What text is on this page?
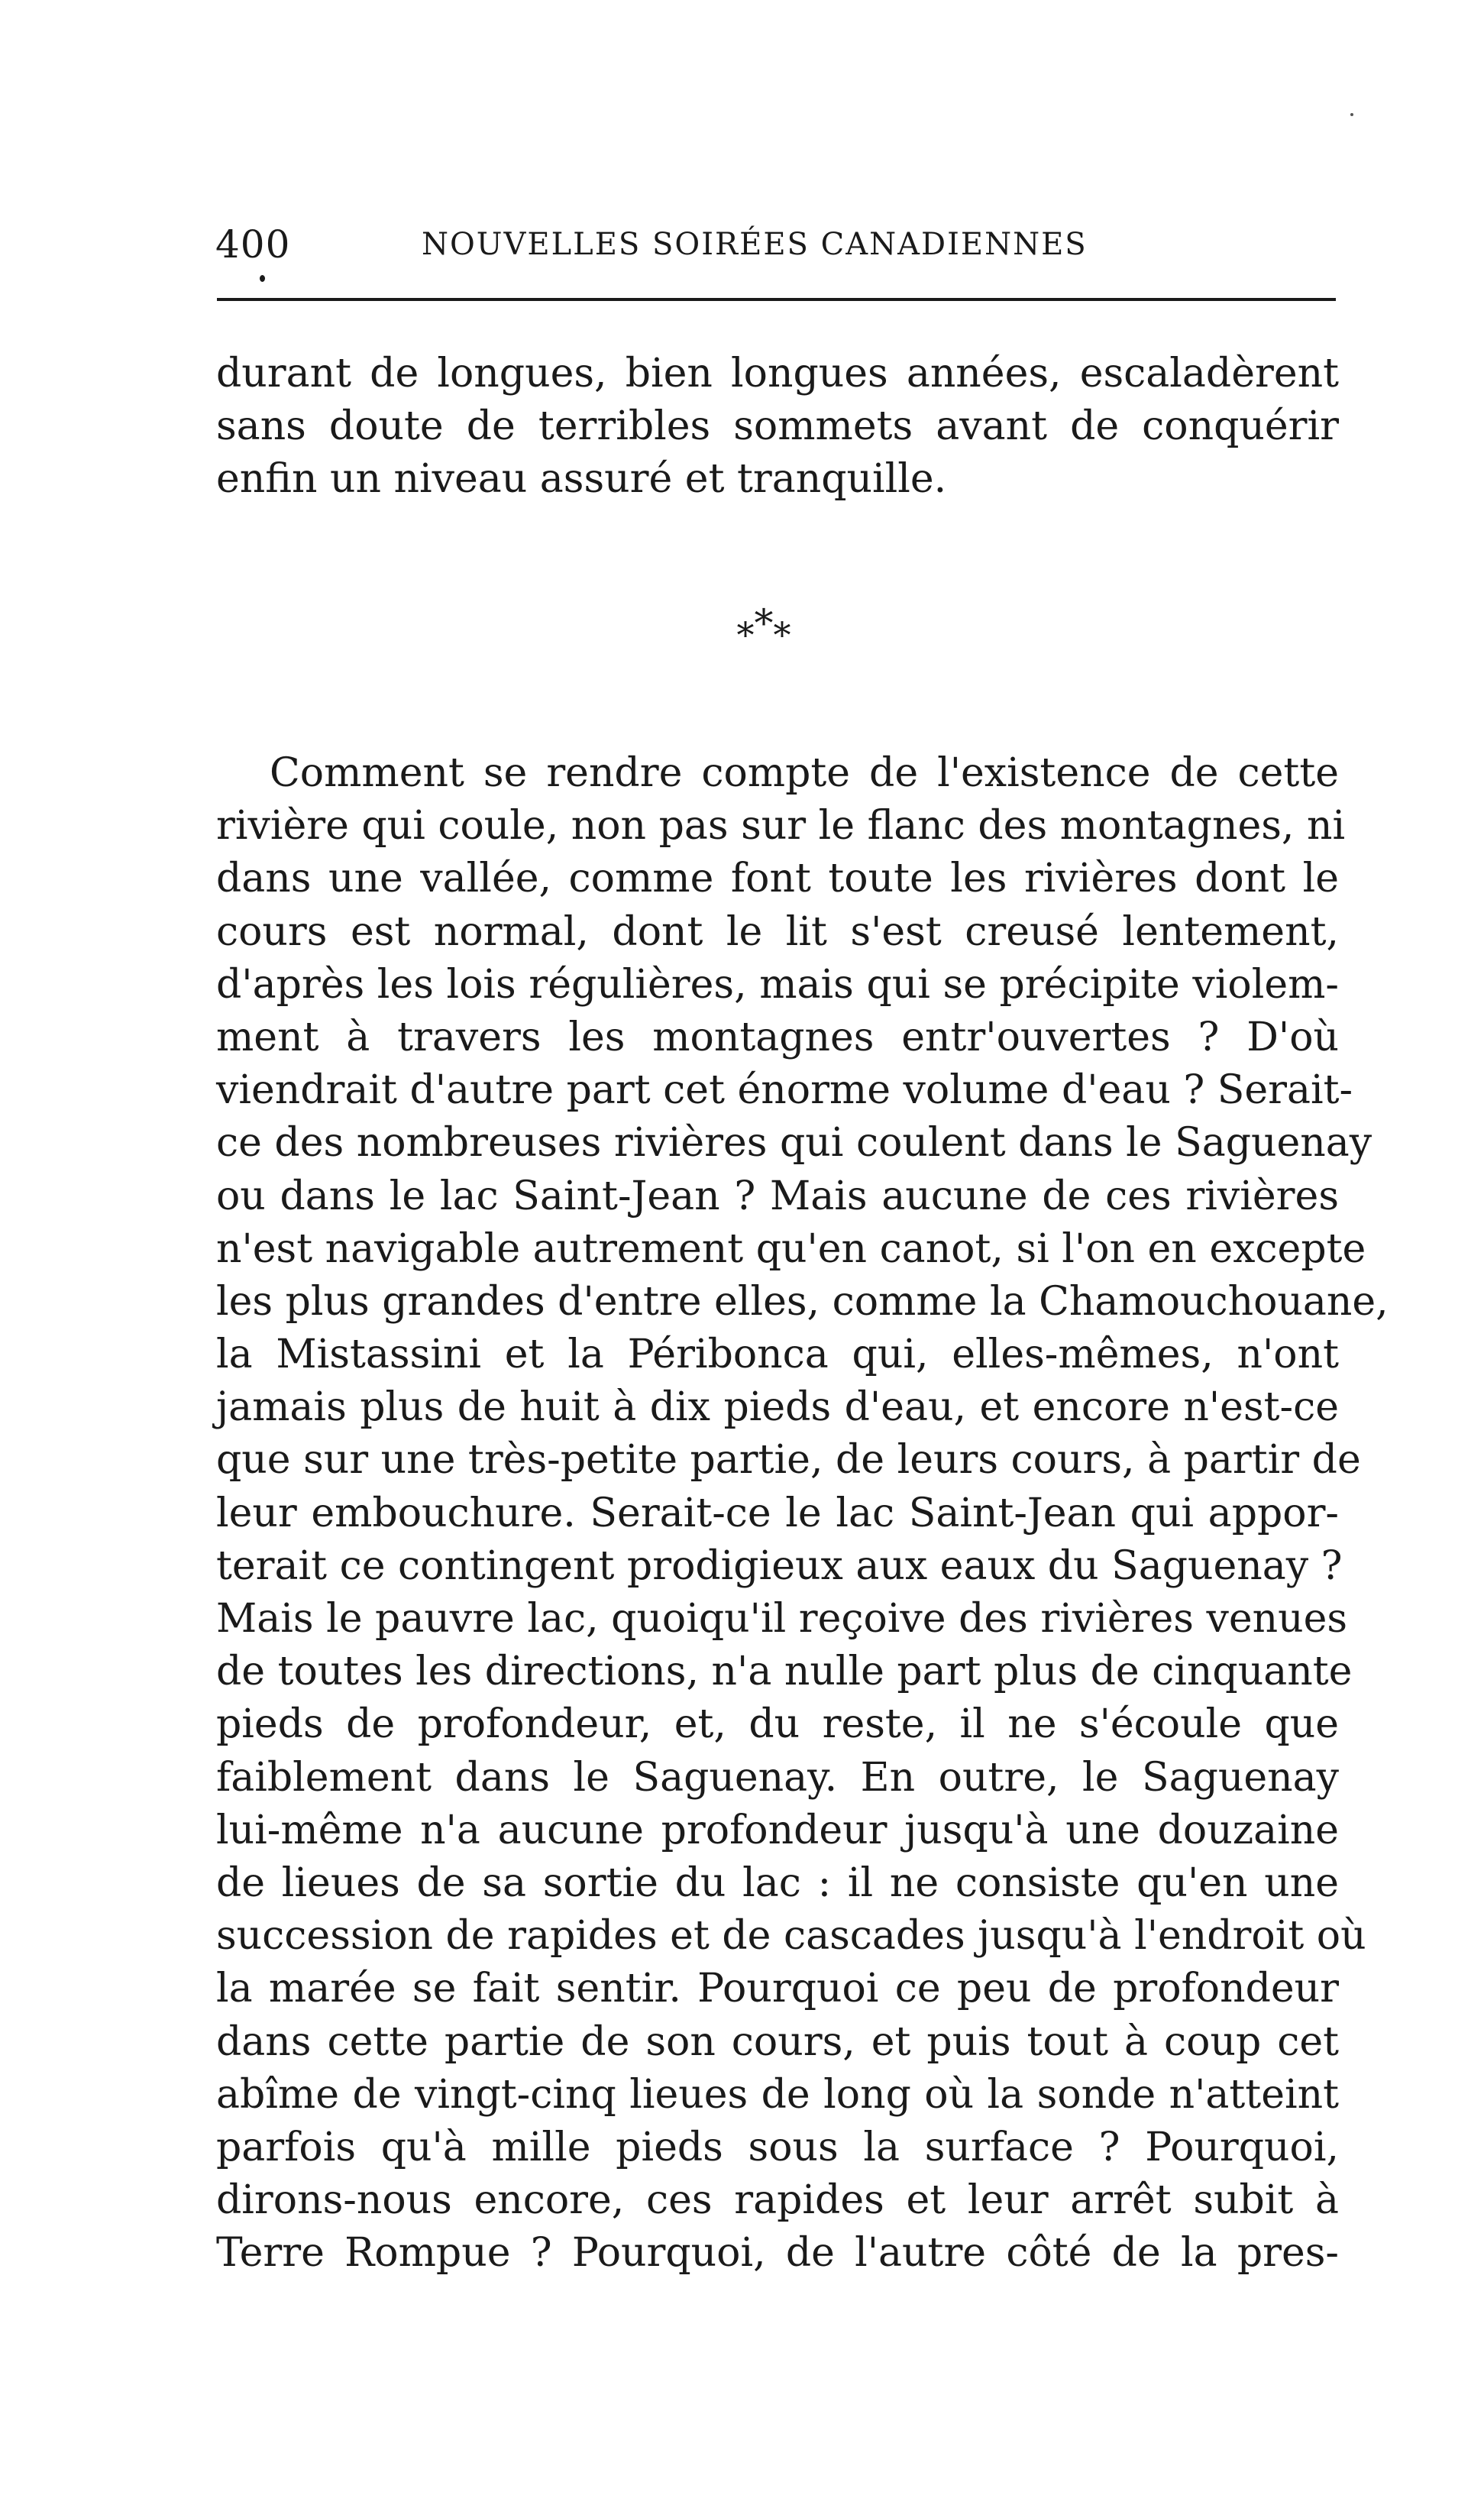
400	NOUVELLES SOIRÉES CANADIENNES
durant de longues, bien longues années, escaladèrent
sans doute de terribles sommets avant de conquérir
enfin un niveau assuré et tranquille.
***
Comment se rendre compte de l'existence de cette
rivière qui coule, non pas sur le flanc des montagnes, ni
dans une vallée, comme font toute les rivières dont le
cours est normal, dont le lit s'est creusé lentement,
d'après les lois régulières, mais qui se précipite violem-
ment à travers les montagnes entr'ouvertes ? D'où
viendrait d'autre part cet énorme volume d'eau ? Serait-
ce des nombreuses rivières qui coulent dans le Saguenay
ou dans le lac Saint-Jean ? Mais aucune de ces rivières
n'est navigable autrement qu'en canot, si l'on en excepte
les plus grandes d'entre elles, comme la Chamouchouane,
la Mistassini et la Péribonca qui, elles-mêmes, n'ont
jamais plus de huit à dix pieds d'eau, et encore n'est-ce
que sur une très-petite partie, de leurs cours, à partir de
leur embouchure. Serait-ce le lac Saint-Jean qui appor-
terait ce contingent prodigieux aux eaux du Saguenay ?
Mais le pauvre lac, quoiqu'il reçoive des rivières venues
de toutes les directions, n'a nulle part plus de cinquante
pieds de profondeur, et, du reste, il ne s'écoule que
faiblement dans le Saguenay. En outre, le Saguenay
lui-même n'a aucune profondeur jusqu'à une douzaine
de lieues de sa sortie du lac : il ne consiste qu'en une
succession de rapides et de cascades jusqu'à l'endroit où
la marée se fait sentir. Pourquoi ce peu de profondeur
dans cette partie de son cours, et puis tout à coup cet
abîme de vingt-cinq lieues de long où la sonde n'atteint
parfois qu'à mille pieds sous la surface ? Pourquoi,
dirons-nous encore, ces rapides et leur arrêt subit à
Terre Rompue ? Pourquoi, de l'autre côté de la pres-
